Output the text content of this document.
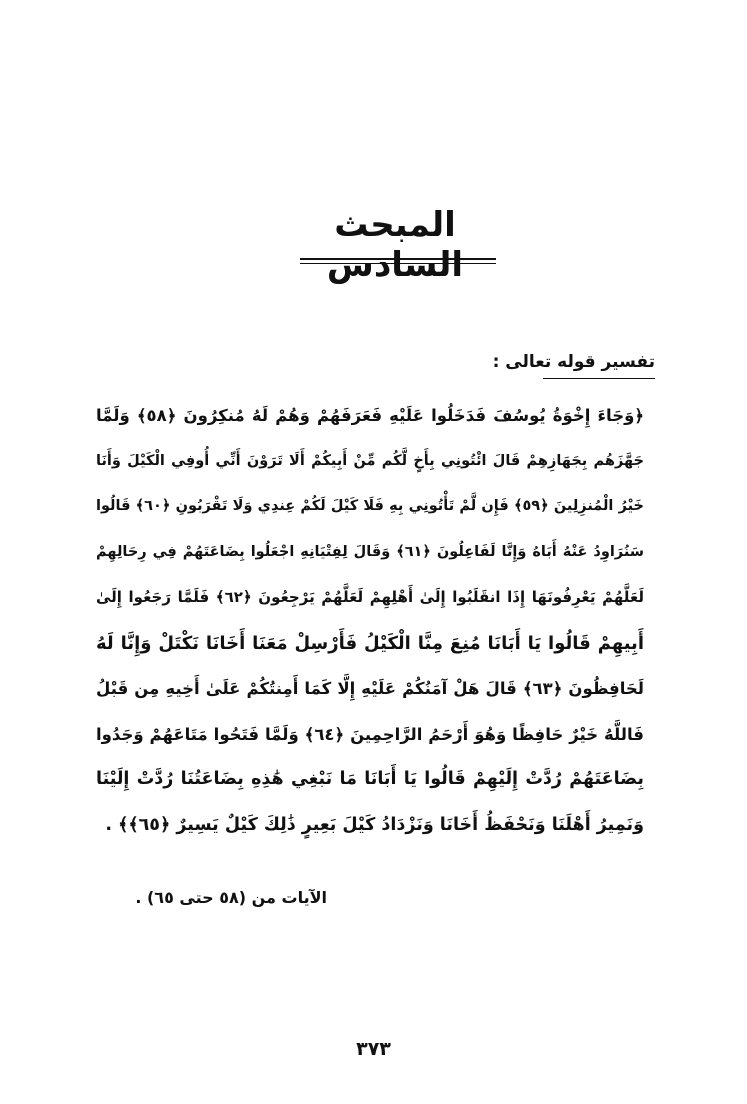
المبحث السادس
تفسير قوله تعالى :
﴿وَجَاءَ إِخْوَةُ يُوسُفَ فَدَخَلُوا عَلَيْهِ فَعَرَفَهُمْ وَهُمْ لَهُ مُنكِرُونَ ﴿٥٨﴾ وَلَمَّا
جَهَّزَهُم بِجَهَازِهِمْ قَالَ ائْتُونِي بِأَخٍ لَّكُم مِّنْ أَبِيكُمْ أَلَا تَرَوْنَ أَنِّي أُوفِي الْكَيْلَ وَأَنَا
خَيْرُ الْمُنزِلِينَ ﴿٥٩﴾ فَإِن لَّمْ تَأْتُونِي بِهِ فَلَا كَيْلَ لَكُمْ عِندِي وَلَا تَقْرَبُونِ ﴿٦٠﴾ قَالُوا
سَنُرَاوِدُ عَنْهُ أَبَاهُ وَإِنَّا لَفَاعِلُونَ ﴿٦١﴾ وَقَالَ لِفِتْيَانِهِ اجْعَلُوا بِضَاعَتَهُمْ فِي رِحَالِهِمْ
لَعَلَّهُمْ يَعْرِفُونَهَا إِذَا انقَلَبُوا إِلَىٰ أَهْلِهِمْ لَعَلَّهُمْ يَرْجِعُونَ ﴿٦٢﴾ فَلَمَّا رَجَعُوا إِلَىٰ
أَبِيهِمْ قَالُوا يَا أَبَانَا مُنِعَ مِنَّا الْكَيْلُ فَأَرْسِلْ مَعَنَا أَخَانَا نَكْتَلْ وَإِنَّا لَهُ
لَحَافِظُونَ ﴿٦٣﴾ قَالَ هَلْ آمَنُكُمْ عَلَيْهِ إِلَّا كَمَا أَمِنتُكُمْ عَلَىٰ أَخِيهِ مِن قَبْلُ
فَاللَّهُ خَيْرٌ حَافِظًا وَهُوَ أَرْحَمُ الرَّاحِمِينَ ﴿٦٤﴾ وَلَمَّا فَتَحُوا مَتَاعَهُمْ وَجَدُوا
بِضَاعَتَهُمْ رُدَّتْ إِلَيْهِمْ قَالُوا يَا أَبَانَا مَا نَبْغِي هَٰذِهِ بِضَاعَتُنَا رُدَّتْ إِلَيْنَا
وَنَمِيرُ أَهْلَنَا وَنَحْفَظُ أَخَانَا وَنَزْدَادُ كَيْلَ بَعِيرٍ ذَٰلِكَ كَيْلٌ يَسِيرٌ ﴿٦٥﴾﴾ .
الآيات من (٥٨ حتى ٦٥) .
٣٧٣
